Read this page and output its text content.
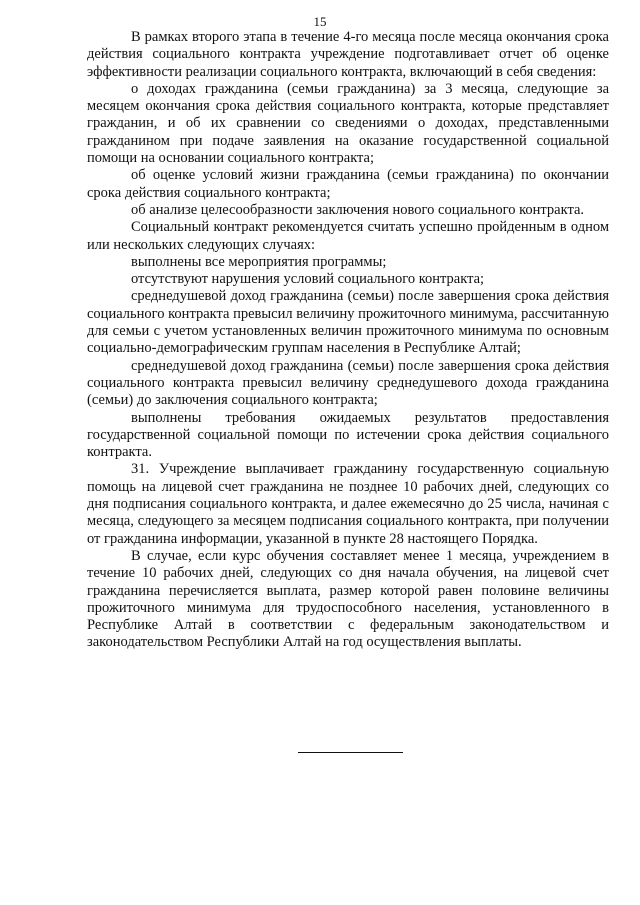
15

В рамках второго этапа в течение 4-го месяца после месяца окончания срока действия социального контракта учреждение подготавливает отчет об оценке эффективности реализации социального контракта, включающий в себя сведения:

о доходах гражданина (семьи гражданина) за 3 месяца, следующие за месяцем окончания срока действия социального контракта, которые представляет гражданин, и об их сравнении со сведениями о доходах, представленными гражданином при подаче заявления на оказание государственной социальной помощи на основании социального контракта;

об оценке условий жизни гражданина (семьи гражданина) по окончании срока действия социального контракта;

об анализе целесообразности заключения нового социального контракта.

Социальный контракт рекомендуется считать успешно пройденным в одном или нескольких следующих случаях:

выполнены все мероприятия программы;

отсутствуют нарушения условий социального контракта;

среднедушевой доход гражданина (семьи) после завершения срока действия социального контракта превысил величину прожиточного минимума, рассчитанную для семьи с учетом установленных величин прожиточного минимума по основным социально-демографическим группам населения в Республике Алтай;

среднедушевой доход гражданина (семьи) после завершения срока действия социального контракта превысил величину среднедушевого дохода гражданина (семьи) до заключения социального контракта;

выполнены требования ожидаемых результатов предоставления государственной социальной помощи по истечении срока действия социального контракта.

31. Учреждение выплачивает гражданину государственную социальную помощь на лицевой счет гражданина не позднее 10 рабочих дней, следующих со дня подписания социального контракта, и далее ежемесячно до 25 числа, начиная с месяца, следующего за месяцем подписания социального контракта, при получении от гражданина информации, указанной в пункте 28 настоящего Порядка.

В случае, если курс обучения составляет менее 1 месяца, учреждением в течение 10 рабочих дней, следующих со дня начала обучения, на лицевой счет гражданина перечисляется выплата, размер которой равен половине величины прожиточного минимума для трудоспособного населения, установленного в Республике Алтай в соответствии с федеральным законодательством и законодательством Республики Алтай на год осуществления выплаты.
